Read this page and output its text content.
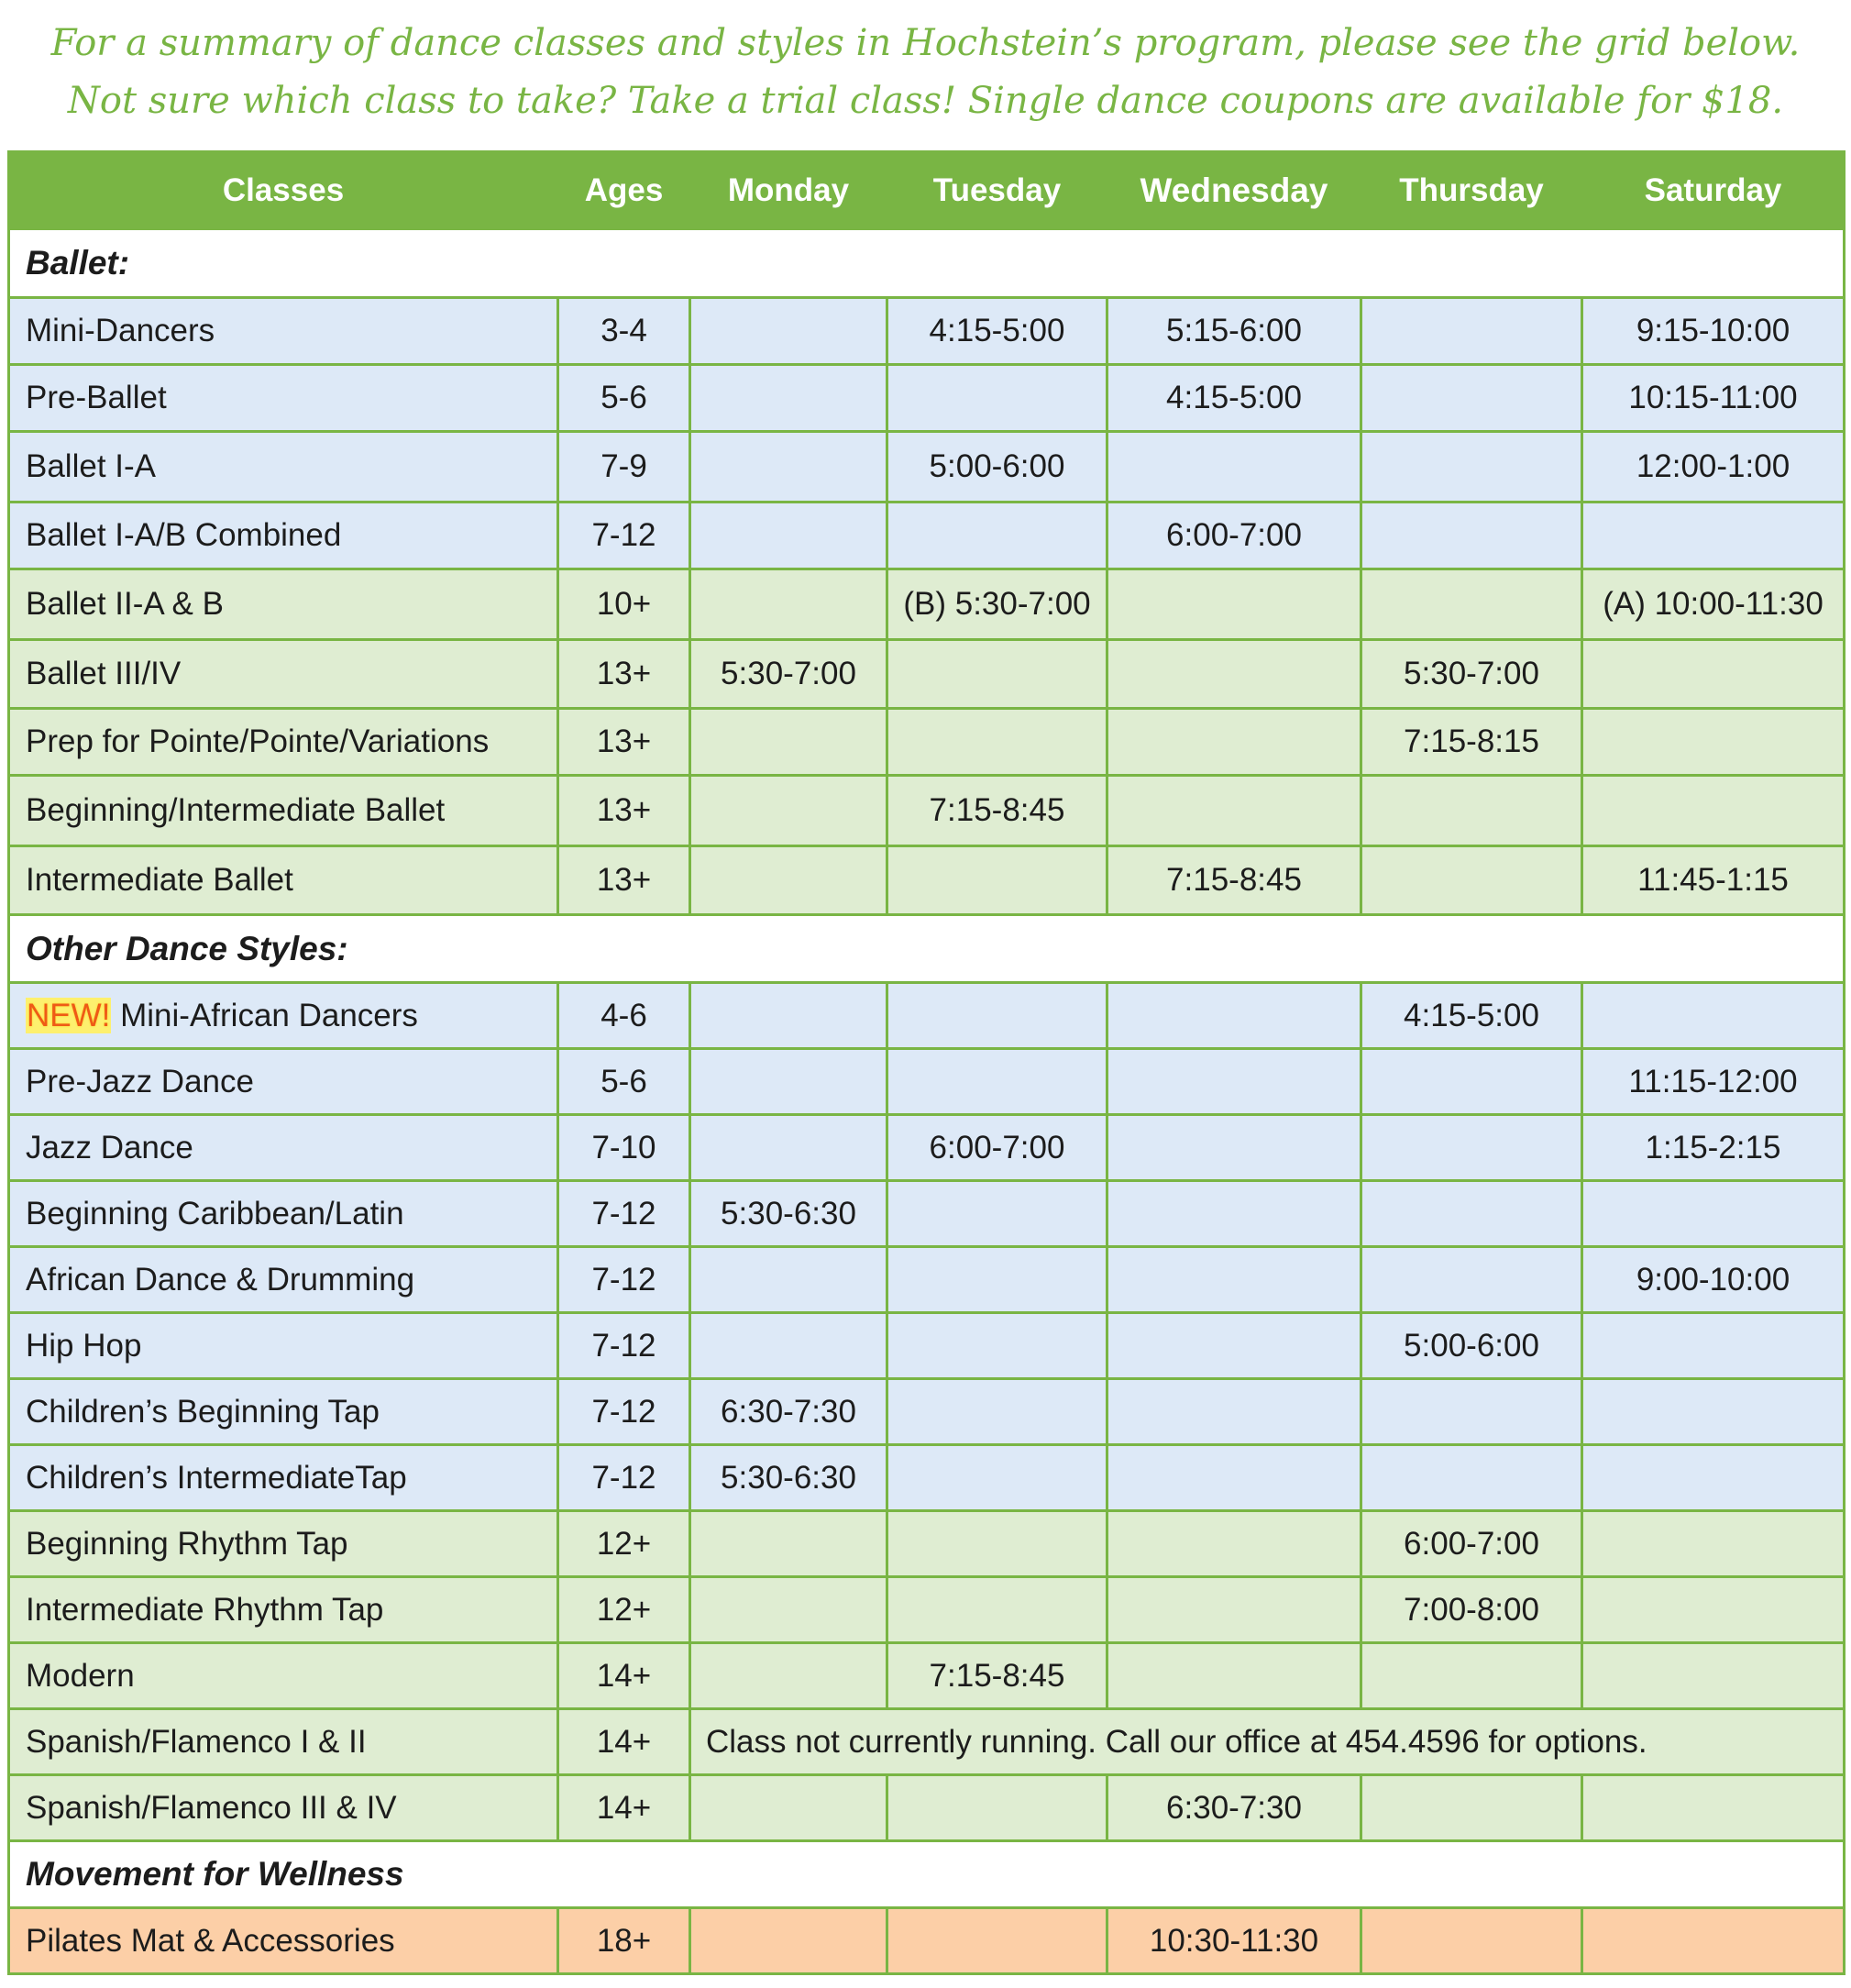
For a summary of dance classes and styles in Hochstein’s program, please see the grid below.
Not sure which class to take? Take a trial class! Single dance coupons are available for $18.
Classes	Ages	Monday	Tuesday	Wednesday	Thursday	Saturday
Ballet:						
Mini-Dancers	3-4		4:15-5:00	5:15-6:00		9:15-10:00
Pre-Ballet	5-6			4:15-5:00		10:15-11:00
Ballet I-A	7-9		5:00-6:00			12:00-1:00
Ballet I-A/B Combined	7-12			6:00-7:00		
Ballet II-A & B	10+		(B) 5:30-7:00			(A) 10:00-11:30
Ballet III/IV	13+	5:30-7:00			5:30-7:00	
Prep for Pointe/Pointe/Variations	13+				7:15-8:15	
Beginning/Intermediate Ballet	13+		7:15-8:45			
Intermediate Ballet	13+			7:15-8:45		11:45-1:15
Other Dance Styles:						
NEW! Mini-African Dancers	4-6				4:15-5:00	
Pre-Jazz Dance	5-6					11:15-12:00
Jazz Dance	7-10		6:00-7:00			1:15-2:15
Beginning Caribbean/Latin	7-12	5:30-6:30				
African Dance & Drumming	7-12					9:00-10:00
Hip Hop	7-12				5:00-6:00	
Children’s Beginning Tap	7-12	6:30-7:30				
Children’s IntermediateTap	7-12	5:30-6:30				
Beginning Rhythm Tap	12+				6:00-7:00	
Intermediate Rhythm Tap	12+				7:00-8:00	
Modern	14+		7:15-8:45			
Spanish/Flamenco I & II	14+	Class not currently running. Call our office at 454.4596 for options.				
Spanish/Flamenco III & IV	14+			6:30-7:30		
Movement for Wellness						
Pilates Mat & Accessories	18+			10:30-11:30		
